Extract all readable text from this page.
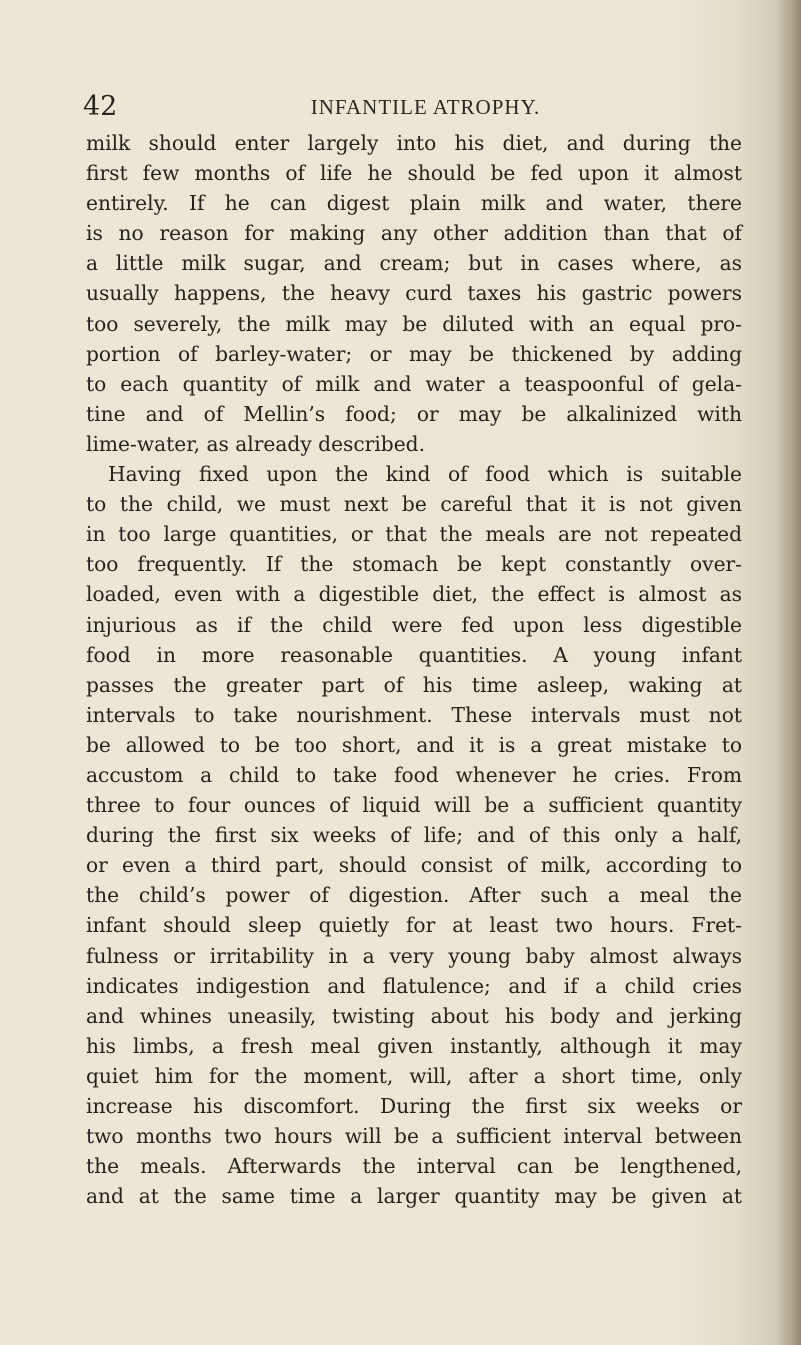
42	INFANTILE ATROPHY.
milk should enter largely into his diet, and during the
first few months of life he should be fed upon it almost
entirely. If he can digest plain milk and water, there
is no reason for making any other addition than that of
a little milk sugar, and cream; but in cases where, as
usually happens, the heavy curd taxes his gastric powers
too severely, the milk may be diluted with an equal pro-
portion of barley-water; or may be thickened by adding
to each quantity of milk and water a teaspoonful of gela-
tine and of Mellin’s food; or may be alkalinized with
lime-water, as already described.
Having fixed upon the kind of food which is suitable
to the child, we must next be careful that it is not given
in too large quantities, or that the meals are not repeated
too frequently. If the stomach be kept constantly over-
loaded, even with a digestible diet, the effect is almost as
injurious as if the child were fed upon less digestible
food in more reasonable quantities. A young infant
passes the greater part of his time asleep, waking at
intervals to take nourishment. These intervals must not
be allowed to be too short, and it is a great mistake to
accustom a child to take food whenever he cries. From
three to four ounces of liquid will be a sufficient quantity
during the first six weeks of life; and of this only a half,
or even a third part, should consist of milk, according to
the child’s power of digestion. After such a meal the
infant should sleep quietly for at least two hours. Fret-
fulness or irritability in a very young baby almost always
indicates indigestion and flatulence; and if a child cries
and whines uneasily, twisting about his body and jerking
his limbs, a fresh meal given instantly, although it may
quiet him for the moment, will, after a short time, only
increase his discomfort. During the first six weeks or
two months two hours will be a sufficient interval between
the meals. Afterwards the interval can be lengthened,
and at the same time a larger quantity may be given at
